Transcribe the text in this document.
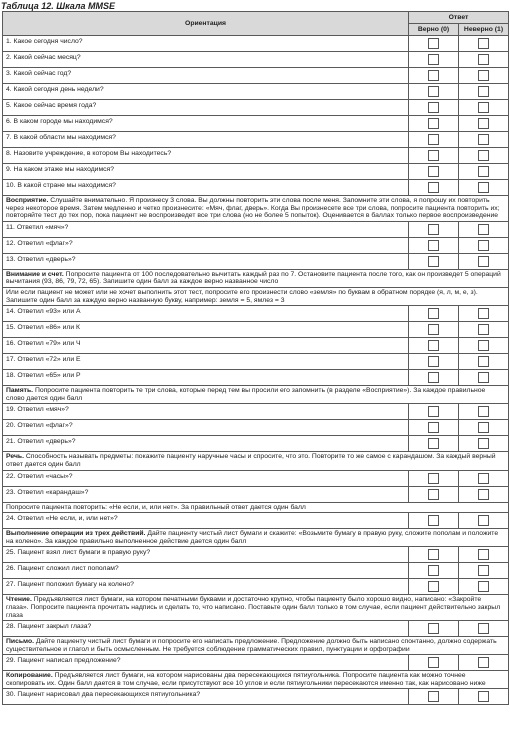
Таблица 12. Шкала MMSE
Ориентация	Ответ	
	Верно (0)	Неверно (1)
1. Какое сегодня число?		
2. Какой сейчас месяц?		
3. Какой сейчас год?		
4. Какой сегодня день недели?		
5. Какое сейчас время года?		
6. В каком городе мы находимся?		
7. В какой области мы находимся?		
8. Назовите учреждение, в котором Вы находитесь?		
9. На каком этаже мы находимся?		
10. В какой стране мы находимся?		
Восприятие. Слушайте внимательно. Я произнесу 3 слова. Вы должны повторить эти слова после меня. Запомните эти слова, я попрошу их повторить через некоторое время. Затем медленно и четко произнесите: «Мяч, флаг, дверь». Когда Вы произнесете все три слова, попросите пациента повторить их; повторяйте тест до тех пор, пока пациент не воспроизведет все три слова (но не более 5 попыток). Оценивается в баллах только первое воспроизведение		
11. Ответил «мяч»?		
12. Ответил «флаг»?		
13. Ответил «дверь»?		
Внимание и счет. Попросите пациента от 100 последовательно вычитать каждый раз по 7. Остановите пациента после того, как он произведет 5 операций вычитания (93, 86, 79, 72, 65). Запишите один балл за каждое верно названное число		
Или если пациент не может или не хочет выполнить этот тест, попросите его произнести слово «земля» по буквам в обратном порядке (я, л, м, е, з). Запишите один балл за каждую верно названную букву, например: земля = 5, ямлез = 3		
14. Ответил «93» или А		
15. Ответил «86» или К		
16. Ответил «79» или Ч		
17. Ответил «72» или Е		
18. Ответил «65» или Р		
Память. Попросите пациента повторить те три слова, которые перед тем вы просили его запомнить (в разделе «Восприятие»). За каждое правильное слово дается один балл		
19. Ответил «мяч»?		
20. Ответил «флаг»?		
21. Ответил «дверь»?		
Речь. Способность называть предметы: покажите пациенту наручные часы и спросите, что это. Повторите то же самое с карандашом. За каждый верный ответ дается один балл		
22. Ответил «часы»?		
23. Ответил «карандаш»?		
Попросите пациента повторить: «Не если, и, или нет». За правильный ответ дается один балл		
24. Ответил «Не если, и, или нет»?		
Выполнение операции из трех действий. Дайте пациенту чистый лист бумаги и скажите: «Возьмите бумагу в правую руку, сложите пополам и положите на колено». За каждое правильно выполненное действие дается один балл		
25. Пациент взял лист бумаги в правую руку?		
26. Пациент сложил лист пополам?		
27. Пациент положил бумагу на колено?		
Чтение. Предъявляется лист бумаги, на котором печатными буквами и достаточно крупно, чтобы пациенту было хорошо видно, написано: «Закройте глаза». Попросите пациента прочитать надпись и сделать то, что написано. Поставьте один балл только в том случае, если пациент действительно закрыл глаза		
28. Пациент закрыл глаза?		
Письмо. Дайте пациенту чистый лист бумаги и попросите его написать предложение. Предложение должно быть написано спонтанно, должно содержать существительное и глагол и быть осмысленным. Не требуется соблюдение грамматических правил, пунктуации и орфографии		
29. Пациент написал предложение?		
Копирование. Предъявляется лист бумаги, на котором нарисованы два пересекающихся пятиугольника. Попросите пациента как можно точнее скопировать их. Один балл дается в том случае, если присутствуют все 10 углов и если пятиугольники пересекаются именно так, как нарисовано ниже		
30. Пациент нарисовал два пересекающихся пятиугольника?		
